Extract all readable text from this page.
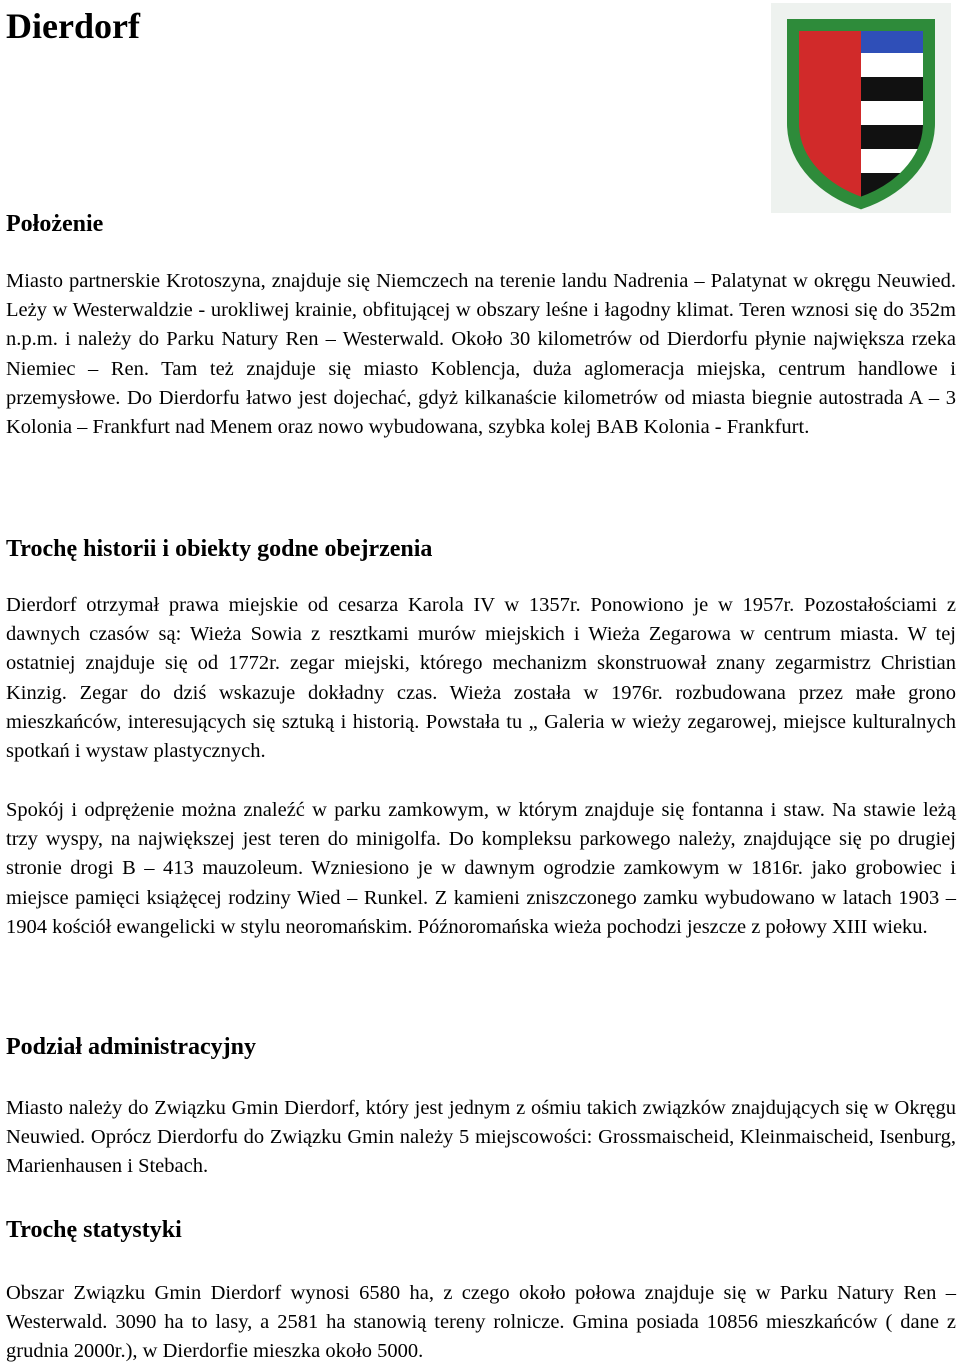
Dierdorf
Położenie

Miasto partnerskie Krotoszyna, znajduje się Niemczech na terenie landu Nadrenia – Palatynat w okręgu Neuwied. Leży w Westerwaldzie - urokliwej krainie, obfitującej w obszary leśne i łagodny klimat. Teren wznosi się do 352m n.p.m. i należy do Parku Natury Ren – Westerwald. Około 30 kilometrów od Dierdorfu płynie największa rzeka Niemiec – Ren. Tam też znajduje się miasto Koblencja, duża aglomeracja miejska, centrum handlowe i przemysłowe. Do Dierdorfu łatwo jest dojechać, gdyż kilkanaście kilometrów od miasta biegnie autostrada A – 3 Kolonia – Frankfurt nad Menem oraz nowo wybudowana, szybka kolej BAB Kolonia - Frankfurt.

Trochę historii i obiekty godne obejrzenia

Dierdorf otrzymał prawa miejskie od cesarza Karola IV w 1357r. Ponowiono je w 1957r. Pozostałościami z dawnych czasów są: Wieża Sowia z resztkami murów miejskich i Wieża Zegarowa w centrum miasta. W tej ostatniej znajduje się od 1772r. zegar miejski, którego mechanizm skonstruował znany zegarmistrz Christian Kinzig. Zegar do dziś wskazuje dokładny czas. Wieża została w 1976r. rozbudowana przez małe grono mieszkańców, interesujących się sztuką i historią. Powstała tu „ Galeria w wieży zegarowej, miejsce kulturalnych spotkań i wystaw plastycznych.

Spokój i odprężenie można znaleźć w parku zamkowym, w którym znajduje się fontanna i staw. Na stawie leżą trzy wyspy, na największej jest teren do minigolfa. Do kompleksu parkowego należy, znajdujące się po drugiej stronie drogi B – 413 mauzoleum. Wzniesiono je w dawnym ogrodzie zamkowym w 1816r. jako grobowiec i miejsce pamięci książęcej rodziny Wied – Runkel. Z kamieni zniszczonego zamku wybudowano w latach 1903 – 1904 kościół ewangelicki w stylu neoromańskim. Późnoromańska wieża pochodzi jeszcze z połowy XIII wieku.

Podział administracyjny

Miasto należy do Związku Gmin Dierdorf, który jest jednym z ośmiu takich związków znajdujących się w Okręgu Neuwied. Oprócz Dierdorfu do Związku Gmin należy 5 miejscowości: Grossmaischeid, Kleinmaischeid, Isenburg, Marienhausen i Stebach.

Trochę statystyki

Obszar Związku Gmin Dierdorf wynosi 6580 ha, z czego około połowa znajduje się w Parku Natury Ren – Westerwald. 3090 ha to lasy, a 2581 ha stanowią tereny rolnicze. Gmina posiada 10856 mieszkańców ( dane z grudnia 2000r.), w Dierdorfie mieszka około 5000.
